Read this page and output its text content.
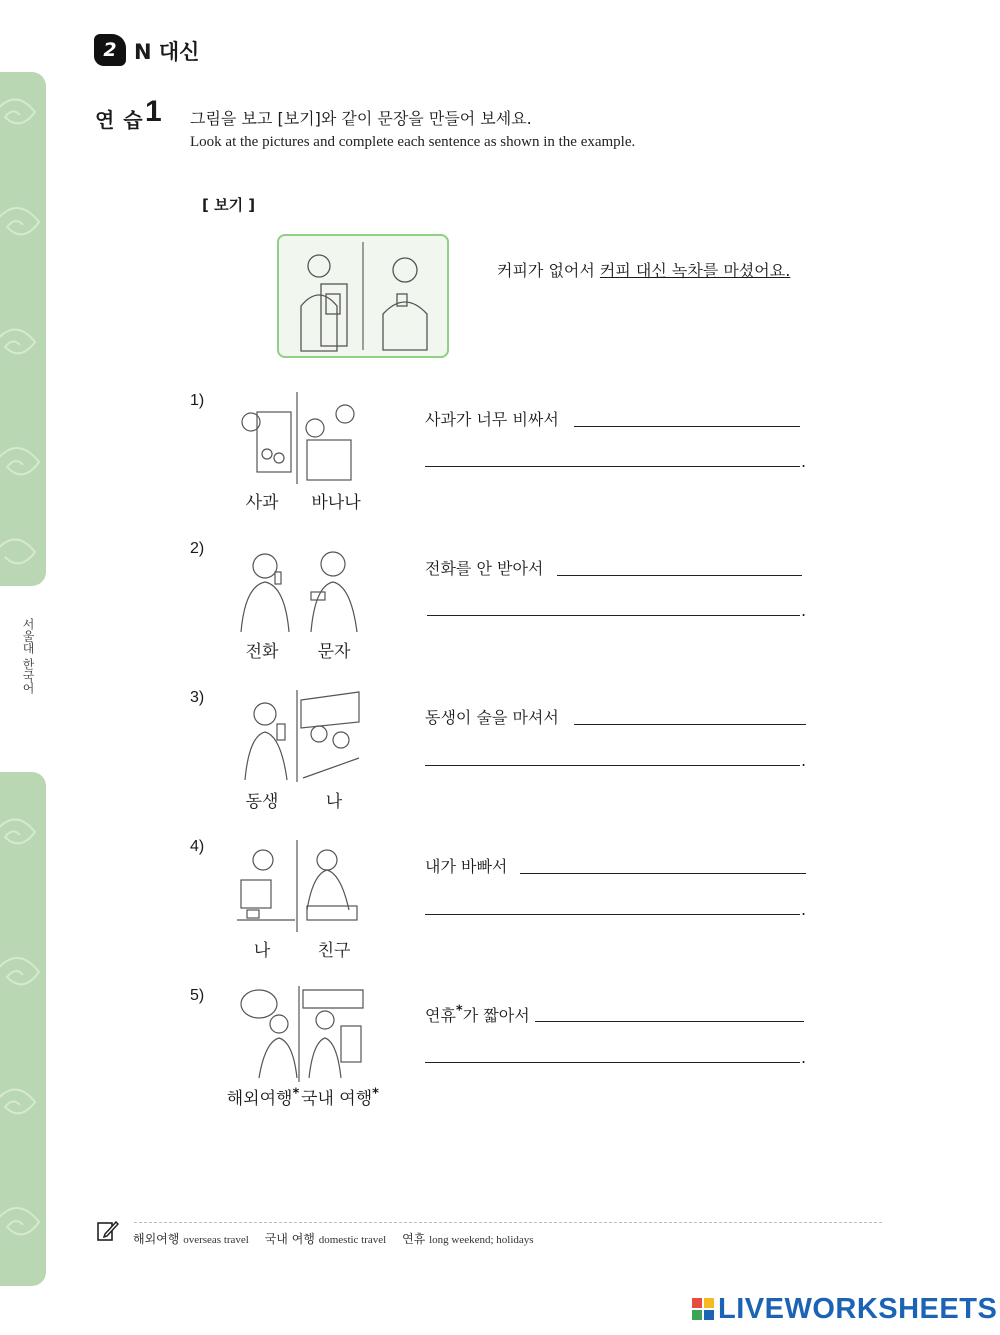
서울대 한국어
2 N 대신
연 습 1 그림을 보고 [보기]와 같이 문장을 만들어 보세요.
Look at the pictures and complete each sentence as shown in the example.
[ 보기 ]
커피가 없어서 커피 대신 녹차를 마셨어요.
1)
사과	바나나
사과가 너무 비싸서
.
2)
전화	문자
전화를 안 받아서
.
3)
동생	나
동생이 술을 마셔서
.
4)
나	친구
내가 바빠서
.
5)
해외여행* 국내 여행*
연휴*가 짧아서
.
해외여행 overseas travel 국내 여행 domestic travel 연휴 long weekend; holidays
LIVEWORKSHEETS
